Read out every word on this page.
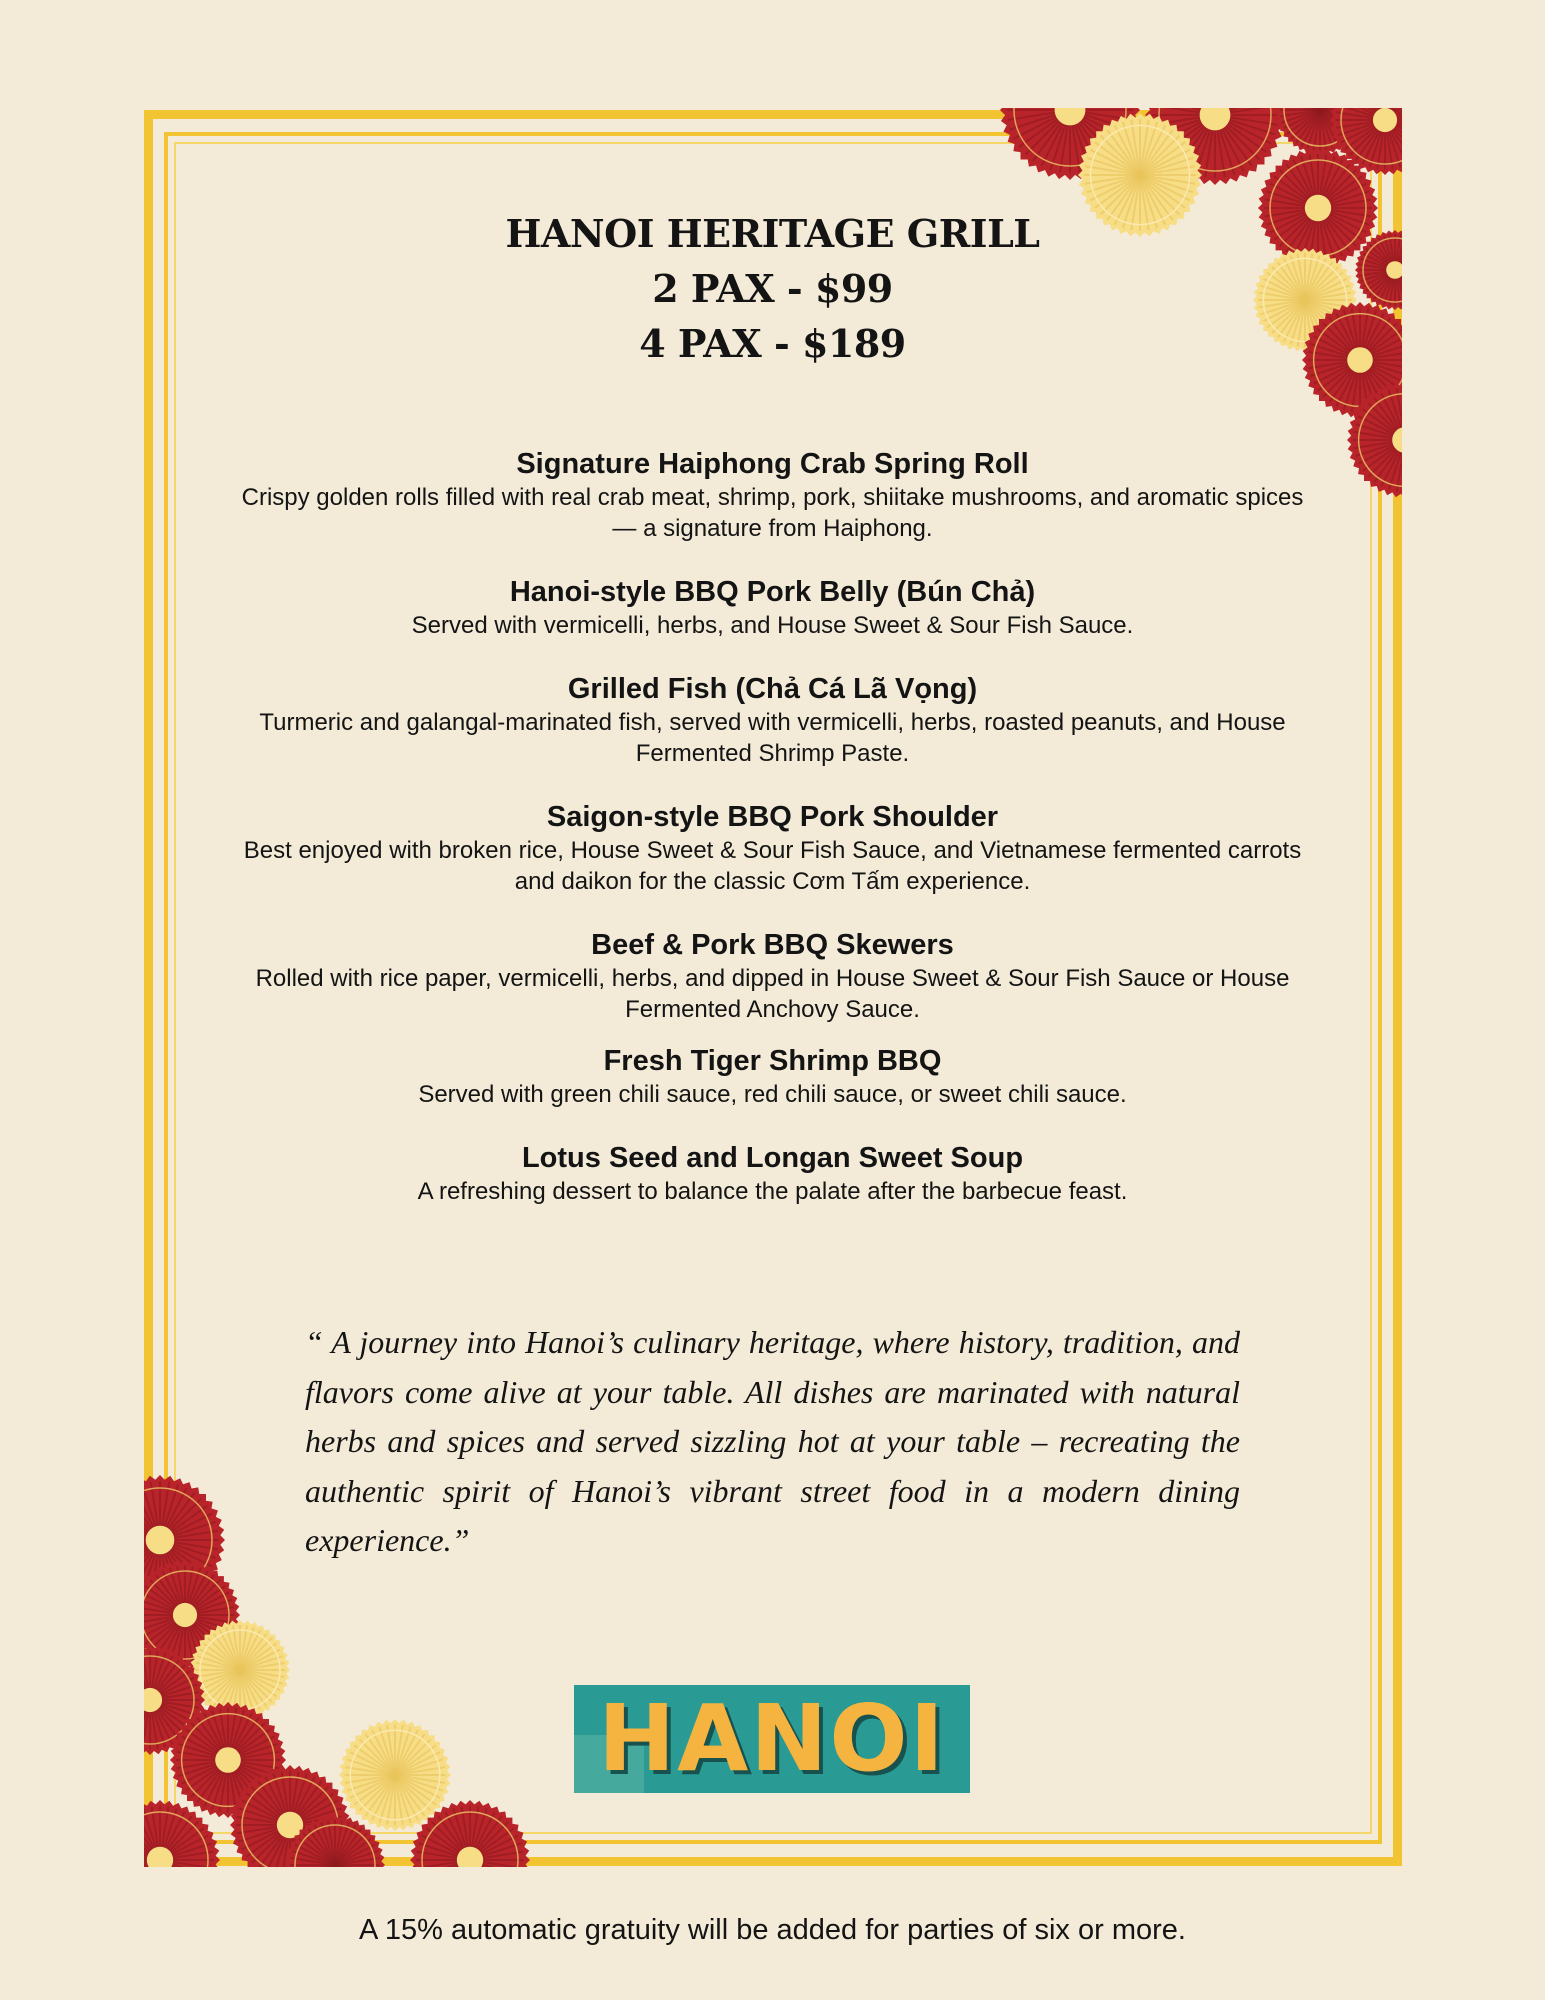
HANOI HERITAGE GRILL
2 PAX - $99
4 PAX - $189
Signature Haiphong Crab Spring Roll

Crispy golden rolls filled with real crab meat, shrimp, pork, shiitake mushrooms, and aromatic spices — a signature from Haiphong.

Hanoi-style BBQ Pork Belly (Bún Chả)

Served with vermicelli, herbs, and House Sweet & Sour Fish Sauce.

Grilled Fish (Chả Cá Lã Vọng)

Turmeric and galangal-marinated fish, served with vermicelli, herbs, roasted peanuts, and House Fermented Shrimp Paste.

Saigon-style BBQ Pork Shoulder

Best enjoyed with broken rice, House Sweet & Sour Fish Sauce, and Vietnamese fermented carrots and daikon for the classic Cơm Tấm experience.

Beef & Pork BBQ Skewers

Rolled with rice paper, vermicelli, herbs, and dipped in House Sweet & Sour Fish Sauce or House Fermented Anchovy Sauce.

Fresh Tiger Shrimp BBQ

Served with green chili sauce, red chili sauce, or sweet chili sauce.

Lotus Seed and Longan Sweet Soup

A refreshing dessert to balance the palate after the barbecue feast.

“ A journey into Hanoi’s culinary heritage, where history, tradition, and flavors come alive at your table. All dishes are marinated with natural herbs and spices and served sizzling hot at your table – recreating the authentic spirit of Hanoi’s vibrant street food in a modern dining experience.”
HANOI
A 15% automatic gratuity will be added for parties of six or more.
